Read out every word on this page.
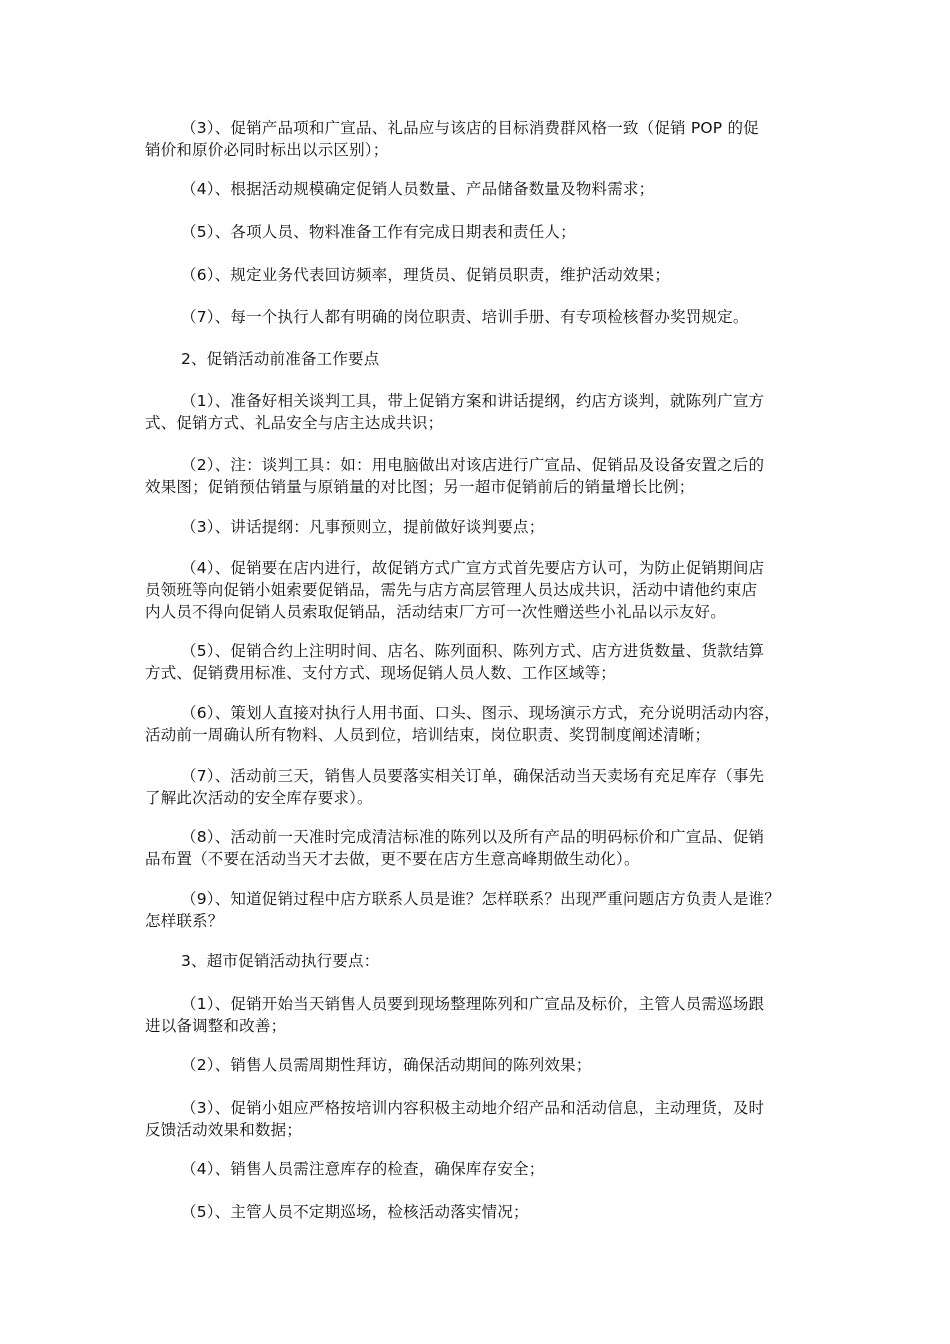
（3）、促销产品项和广宣品、礼品应与该店的目标消费群风格一致（促销 POP 的促
销价和原价必同时标出以示区别）；
（4）、根据活动规模确定促销人员数量、产品储备数量及物料需求；
（5）、各项人员、物料准备工作有完成日期表和责任人；
（6）、规定业务代表回访频率，理货员、促销员职责，维护活动效果；
（7）、每一个执行人都有明确的岗位职责、培训手册、有专项检核督办奖罚规定。
2、促销活动前准备工作要点
（1）、准备好相关谈判工具，带上促销方案和讲话提纲，约店方谈判，就陈列广宣方
式、促销方式、礼品安全与店主达成共识；
（2）、注：谈判工具：如：用电脑做出对该店进行广宣品、促销品及设备安置之后的
效果图；促销预估销量与原销量的对比图；另一超市促销前后的销量增长比例；
（3）、讲话提纲：凡事预则立，提前做好谈判要点；
（4）、促销要在店内进行，故促销方式广宣方式首先要店方认可，为防止促销期间店
员领班等向促销小姐索要促销品，需先与店方高层管理人员达成共识，活动中请他约束店
内人员不得向促销人员索取促销品，活动结束厂方可一次性赠送些小礼品以示友好。
（5）、促销合约上注明时间、店名、陈列面积、陈列方式、店方进货数量、货款结算
方式、促销费用标准、支付方式、现场促销人员人数、工作区域等；
（6）、策划人直接对执行人用书面、口头、图示、现场演示方式，充分说明活动内容，
活动前一周确认所有物料、人员到位，培训结束，岗位职责、奖罚制度阐述清晰；
（7）、活动前三天，销售人员要落实相关订单，确保活动当天卖场有充足库存（事先
了解此次活动的安全库存要求）。
（8）、活动前一天准时完成清洁标准的陈列以及所有产品的明码标价和广宣品、促销
品布置（不要在活动当天才去做，更不要在店方生意高峰期做生动化）。
（9）、知道促销过程中店方联系人员是谁？怎样联系？出现严重问题店方负责人是谁？
怎样联系？
3、超市促销活动执行要点：
（1）、促销开始当天销售人员要到现场整理陈列和广宣品及标价，主管人员需巡场跟
进以备调整和改善；
（2）、销售人员需周期性拜访，确保活动期间的陈列效果；
（3）、促销小姐应严格按培训内容积极主动地介绍产品和活动信息，主动理货，及时
反馈活动效果和数据；
（4）、销售人员需注意库存的检查，确保库存安全；
（5）、主管人员不定期巡场，检核活动落实情况；
